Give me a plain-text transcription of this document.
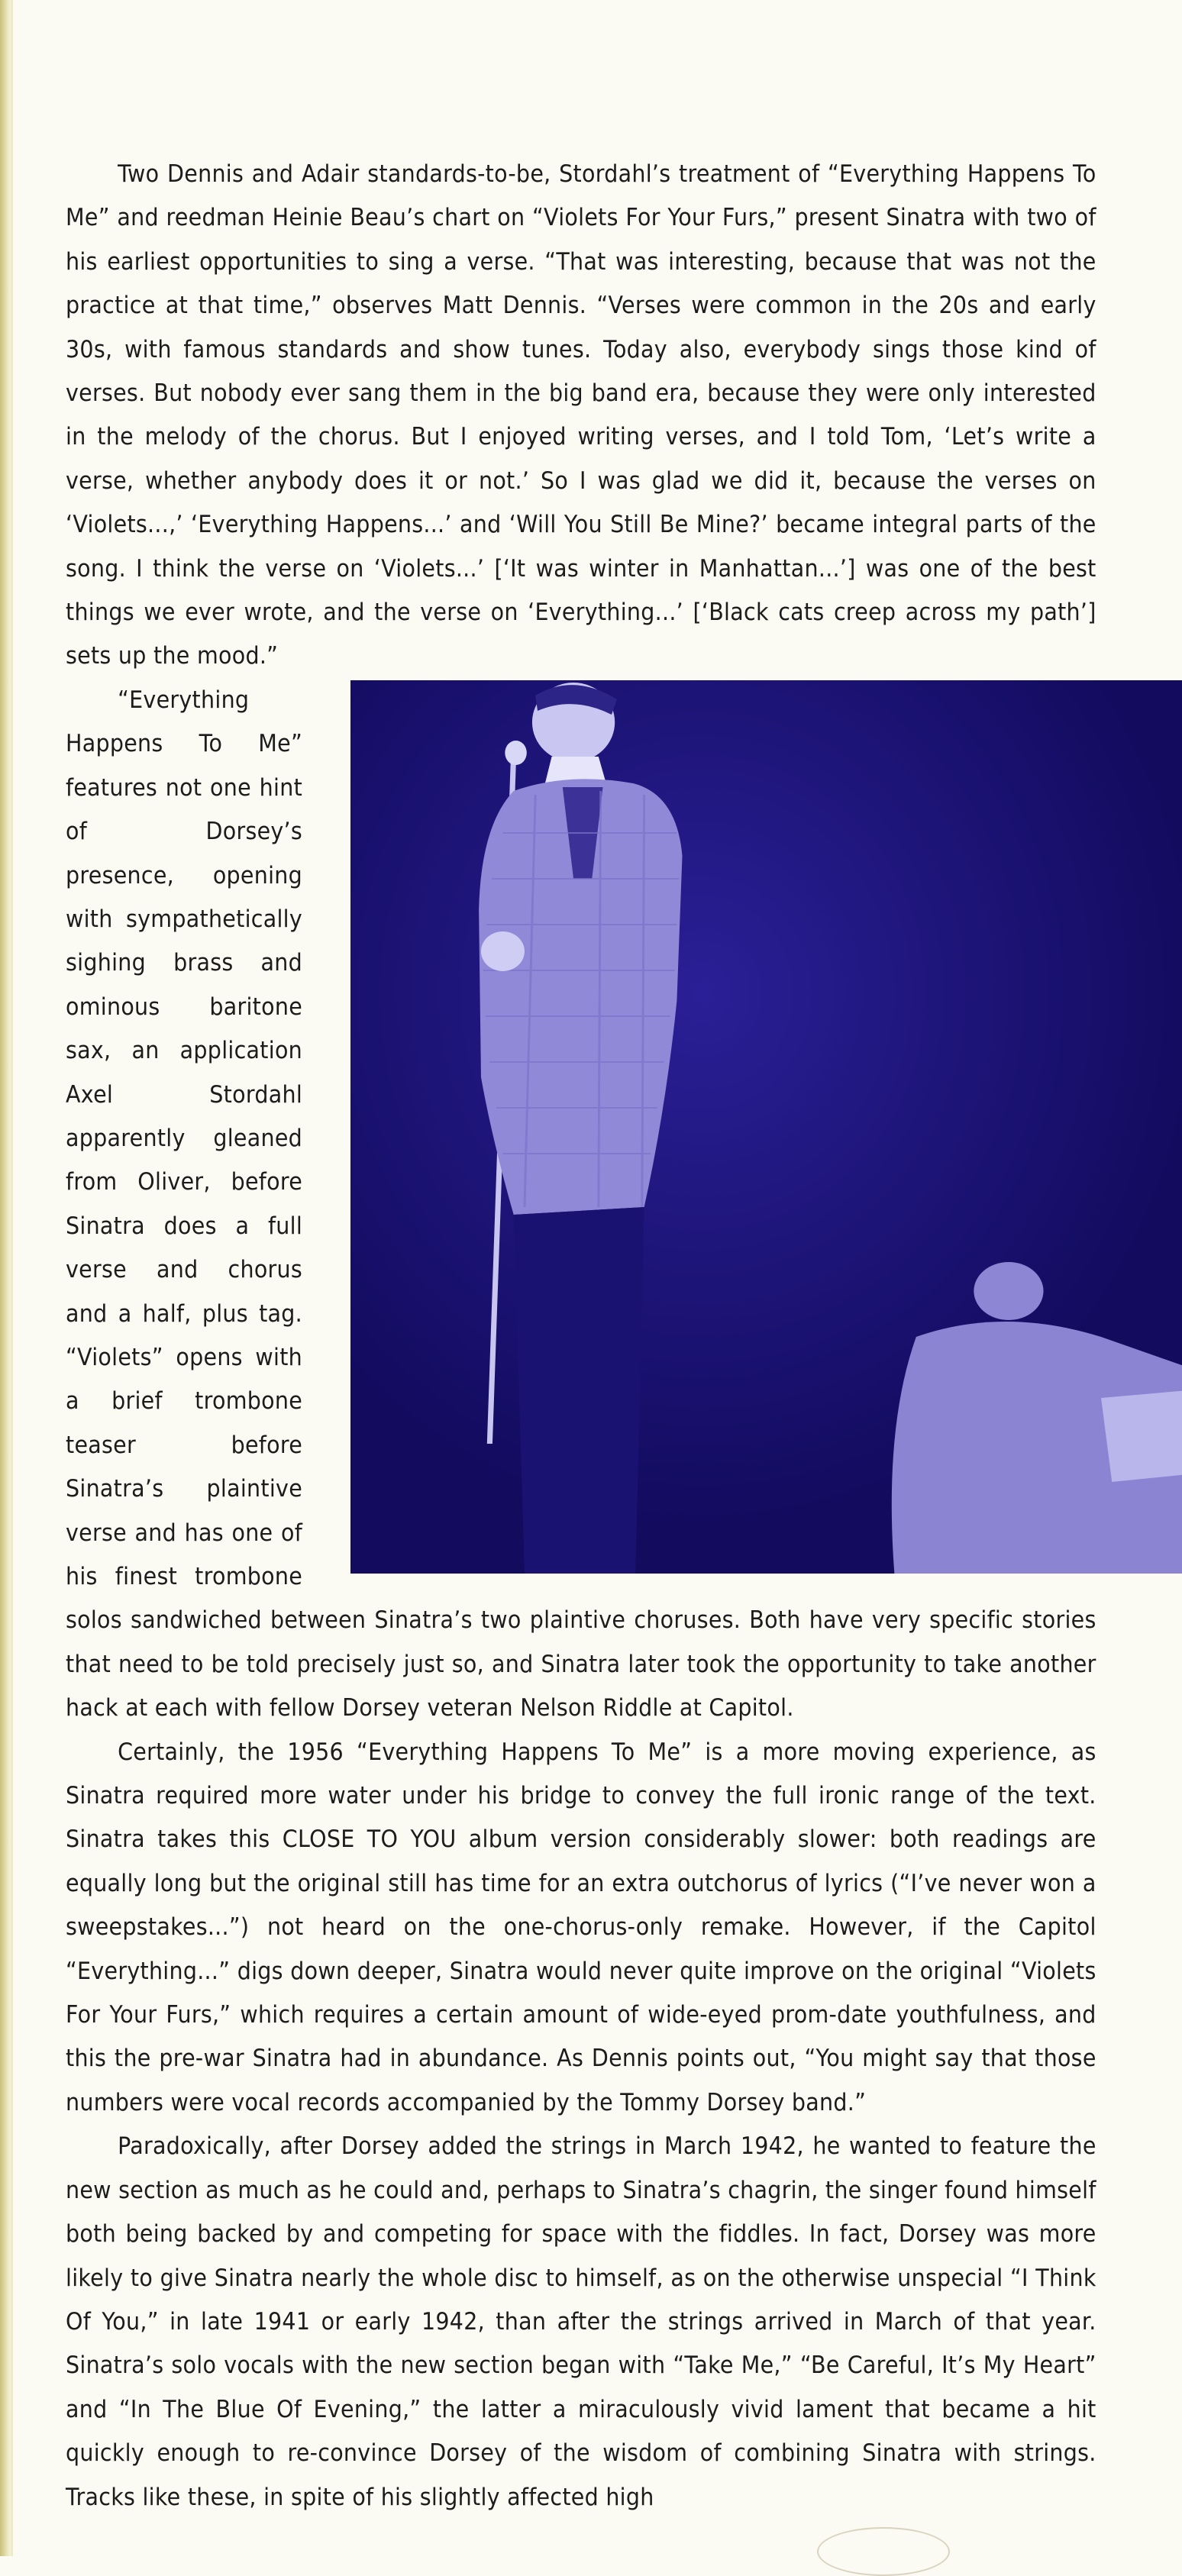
Two Dennis and Adair standards-to-be, Stordahl’s treatment of “Everything Happens To Me” and reedman Heinie Beau’s chart on “Violets For Your Furs,” present Sinatra with two of his earliest opportunities to sing a verse. “That was interesting, because that was not the practice at that time,” observes Matt Dennis. “Verses were common in the 20s and early 30s, with famous standards and show tunes. Today also, everybody sings those kind of verses. But nobody ever sang them in the big band era, because they were only interested in the melody of the chorus. But I enjoyed writing verses, and I told Tom, ‘Let’s write a verse, whether anybody does it or not.’ So I was glad we did it, because the verses on ‘Violets...,’ ‘Everything Happens...’ and ‘Will You Still Be Mine?’ became integral parts of the song. I think the verse on ‘Violets...’ [‘It was winter in Manhattan...’] was one of the best things we ever wrote, and the verse on ‘Everything...’ [‘Black cats creep across my path’] sets up the mood.”

“Everything Happens To Me” features not one hint of Dorsey’s presence, opening with sympathetically sighing brass and ominous baritone sax, an application Axel Stordahl apparently gleaned from Oliver, before Sinatra does a full verse and chorus and a half, plus tag. “Violets” opens with a brief trombone teaser before Sinatra’s plaintive verse and has one of his finest trombone solos sandwiched between Sinatra’s two plaintive choruses. Both have very specific stories that need to be told precisely just so, and Sinatra later took the opportunity to take another hack at each with fellow Dorsey veteran Nelson Riddle at Capitol.

Certainly, the 1956 “Everything Happens To Me” is a more moving experience, as Sinatra required more water under his bridge to convey the full ironic range of the text. Sinatra takes this CLOSE TO YOU album version considerably slower: both readings are equally long but the original still has time for an extra outchorus of lyrics (“I’ve never won a sweepstakes...”) not heard on the one-chorus-only remake. However, if the Capitol “Everything...” digs down deeper, Sinatra would never quite improve on the original “Violets For Your Furs,” which requires a certain amount of wide-eyed prom-date youthfulness, and this the pre-war Sinatra had in abundance. As Dennis points out, “You might say that those numbers were vocal records accompanied by the Tommy Dorsey band.”

Paradoxically, after Dorsey added the strings in March 1942, he wanted to feature the new section as much as he could and, perhaps to Sinatra’s chagrin, the singer found himself both being backed by and competing for space with the fiddles. In fact, Dorsey was more likely to give Sinatra nearly the whole disc to himself, as on the otherwise unspecial “I Think Of You,” in late 1941 or early 1942, than after the strings arrived in March of that year. Sinatra’s solo vocals with the new section began with “Take Me,” “Be Careful, It’s My Heart” and “In The Blue Of Evening,” the latter a miraculously vivid lament that became a hit quickly enough to re-convince Dorsey of the wisdom of combining Sinatra with strings. Tracks like these, in spite of his slightly affected high
